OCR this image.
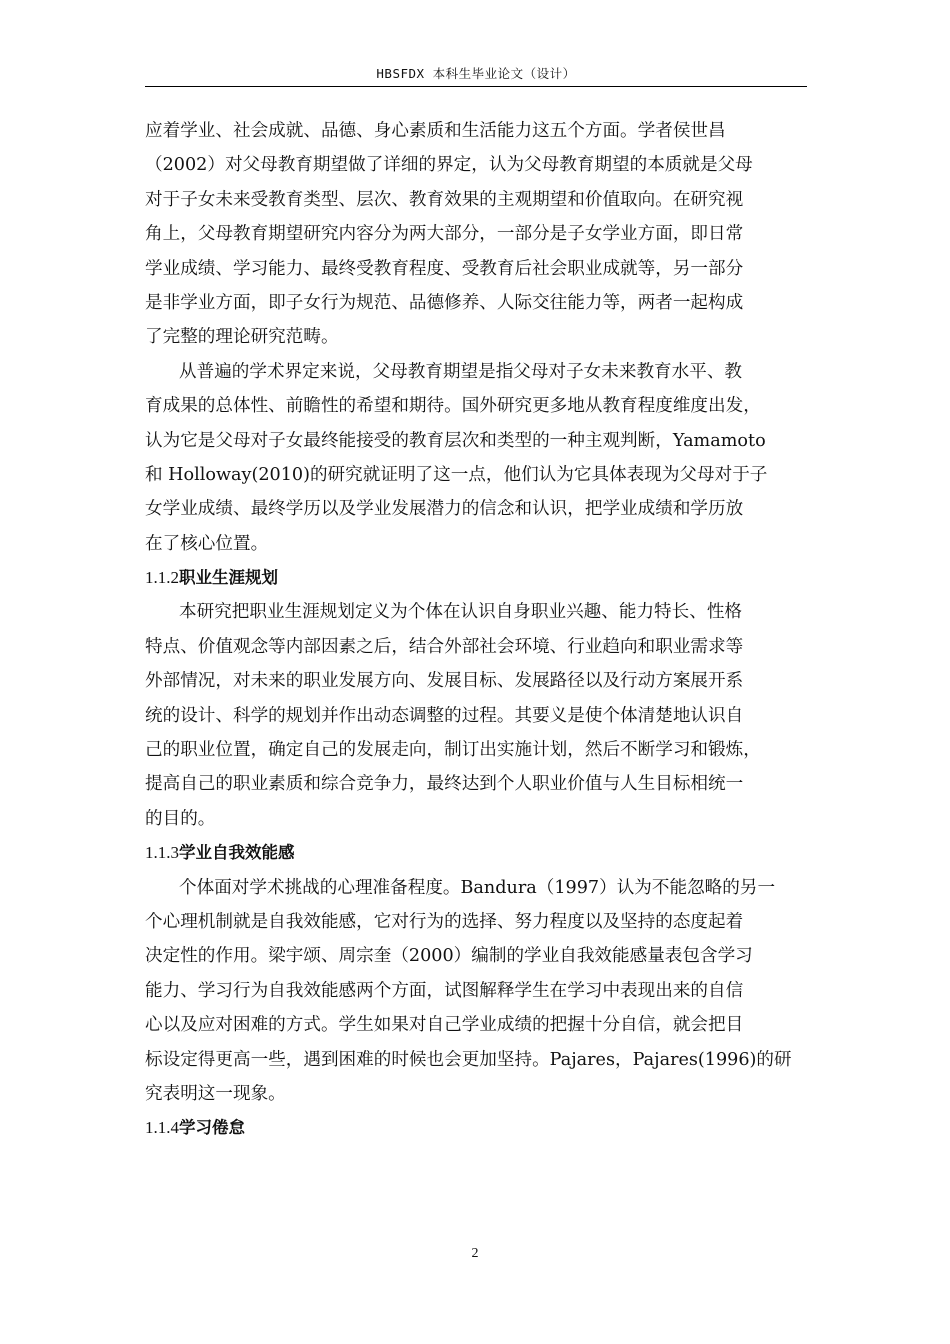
HBSFDX 本科生毕业论文（设计）
应着学业、社会成就、品德、身心素质和生活能力这五个方面。学者侯世昌
（2002）对父母教育期望做了详细的界定，认为父母教育期望的本质就是父母
对于子女未来受教育类型、层次、教育效果的主观期望和价值取向。在研究视
角上，父母教育期望研究内容分为两大部分，一部分是子女学业方面，即日常
学业成绩、学习能力、最终受教育程度、受教育后社会职业成就等，另一部分
是非学业方面，即子女行为规范、品德修养、人际交往能力等，两者一起构成
了完整的理论研究范畴。
从普遍的学术界定来说，父母教育期望是指父母对子女未来教育水平、教
育成果的总体性、前瞻性的希望和期待。国外研究更多地从教育程度维度出发，
认为它是父母对子女最终能接受的教育层次和类型的一种主观判断，Yamamoto
和 Holloway(2010)的研究就证明了这一点，他们认为它具体表现为父母对于子
女学业成绩、最终学历以及学业发展潜力的信念和认识，把学业成绩和学历放
在了核心位置。
1.1.2职业生涯规划
本研究把职业生涯规划定义为个体在认识自身职业兴趣、能力特长、性格
特点、价值观念等内部因素之后，结合外部社会环境、行业趋向和职业需求等
外部情况，对未来的职业发展方向、发展目标、发展路径以及行动方案展开系
统的设计、科学的规划并作出动态调整的过程。其要义是使个体清楚地认识自
己的职业位置，确定自己的发展走向，制订出实施计划，然后不断学习和锻炼，
提高自己的职业素质和综合竞争力，最终达到个人职业价值与人生目标相统一
的目的。
1.1.3学业自我效能感
个体面对学术挑战的心理准备程度。Bandura（1997）认为不能忽略的另一
个心理机制就是自我效能感，它对行为的选择、努力程度以及坚持的态度起着
决定性的作用。梁宇颂、周宗奎（2000）编制的学业自我效能感量表包含学习
能力、学习行为自我效能感两个方面，试图解释学生在学习中表现出来的自信
心以及应对困难的方式。学生如果对自己学业成绩的把握十分自信，就会把目
标设定得更高一些，遇到困难的时候也会更加坚持。Pajares，Pajares(1996)的研
究表明这一现象。
1.1.4学习倦怠
2
